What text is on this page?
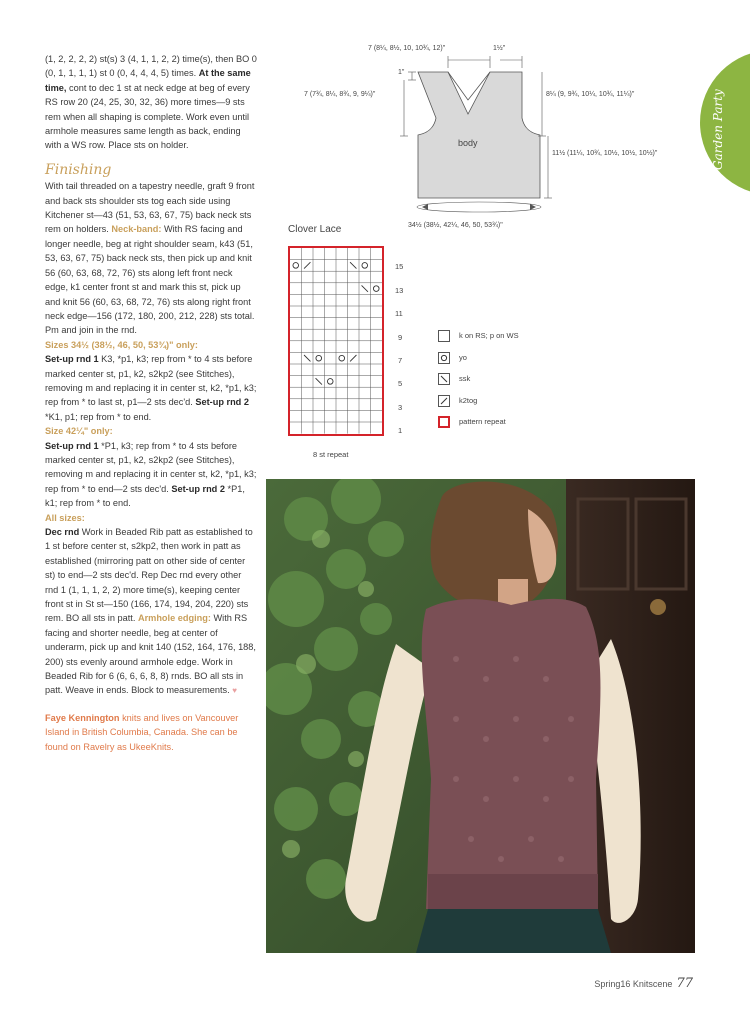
(1, 2, 2, 2, 2) st(s) 3 (4, 1, 1, 2, 2) time(s), then BO 0 (0, 1, 1, 1, 1) st 0 (0, 4, 4, 4, 5) times. At the same time, cont to dec 1 st at neck edge at beg of every RS row 20 (24, 25, 30, 32, 36) more times—9 sts rem when all shaping is complete. Work even until armhole measures same length as back, ending with a WS row. Place sts on holder.

Finishing

With tail threaded on a tapestry needle, graft 9 front and back sts shoulder sts tog each side using Kitchener st—43 (51, 53, 63, 67, 75) back neck sts rem on holders. Neck-band: With RS facing and longer needle, beg at right shoulder seam, k43 (51, 53, 63, 67, 75) back neck sts, then pick up and knit 56 (60, 63, 68, 72, 76) sts along left front neck edge, k1 center front st and mark this st, pick up and knit 56 (60, 63, 68, 72, 76) sts along right front neck edge—156 (172, 180, 200, 212, 228) sts total. Pm and join in the rnd.

Sizes 34½ (38½, 46, 50, 53¾)" only:

Set-up rnd 1 K3, *p1, k3; rep from * to 4 sts before marked center st, p1, k2, s2kp2 (see Stitches), removing m and replacing it in center st, k2, *p1, k3; rep from * to last st, p1—2 sts dec'd. Set-up rnd 2 *K1, p1; rep from * to end.

Size 42¼" only:

Set-up rnd 1 *P1, k3; rep from * to 4 sts before marked center st, p1, k2, s2kp2 (see Stitches), removing m and replacing it in center st, k2, *p1, k3; rep from * to end—2 sts dec'd. Set-up rnd 2 *P1, k1; rep from * to end.

All sizes:

Dec rnd Work in Beaded Rib patt as established to 1 st before center st, s2kp2, then work in patt as established (mirroring patt on other side of center st) to end—2 sts dec'd. Rep Dec rnd every other rnd 1 (1, 1, 1, 2, 2) more time(s), keeping center front st in St st—150 (166, 174, 194, 204, 220) sts rem. BO all sts in patt. Armhole edging: With RS facing and shorter needle, beg at center of underarm, pick up and knit 140 (152, 164, 176, 188, 200) sts evenly around armhole edge. Work in Beaded Rib for 6 (6, 6, 6, 8, 8) rnds. BO all sts in patt. Weave in ends. Block to measurements. ♥

Faye Kennington knits and lives on Vancouver Island in British Columbia, Canada. She can be found on Ravelry as UkeeKnits.

7 (8¼, 8½, 10, 10¾, 12)"	1½"
1"
7 (7¾, 8¼, 8¾, 9, 9¼)"	8¼ (9, 9¾, 10¼, 10¾, 11¼)"
11½ (11¼, 10¾, 10½, 10½, 10½)"
body
34½ (38½, 42¼, 46, 50, 53¾)"
Clover Lace
15
13
11
9
7
5
3
1
8 st repeat
k on RS; p on WS
yo
ssk
k2tog
pattern repeat
Garden Party
Spring16 Knitscene 77
